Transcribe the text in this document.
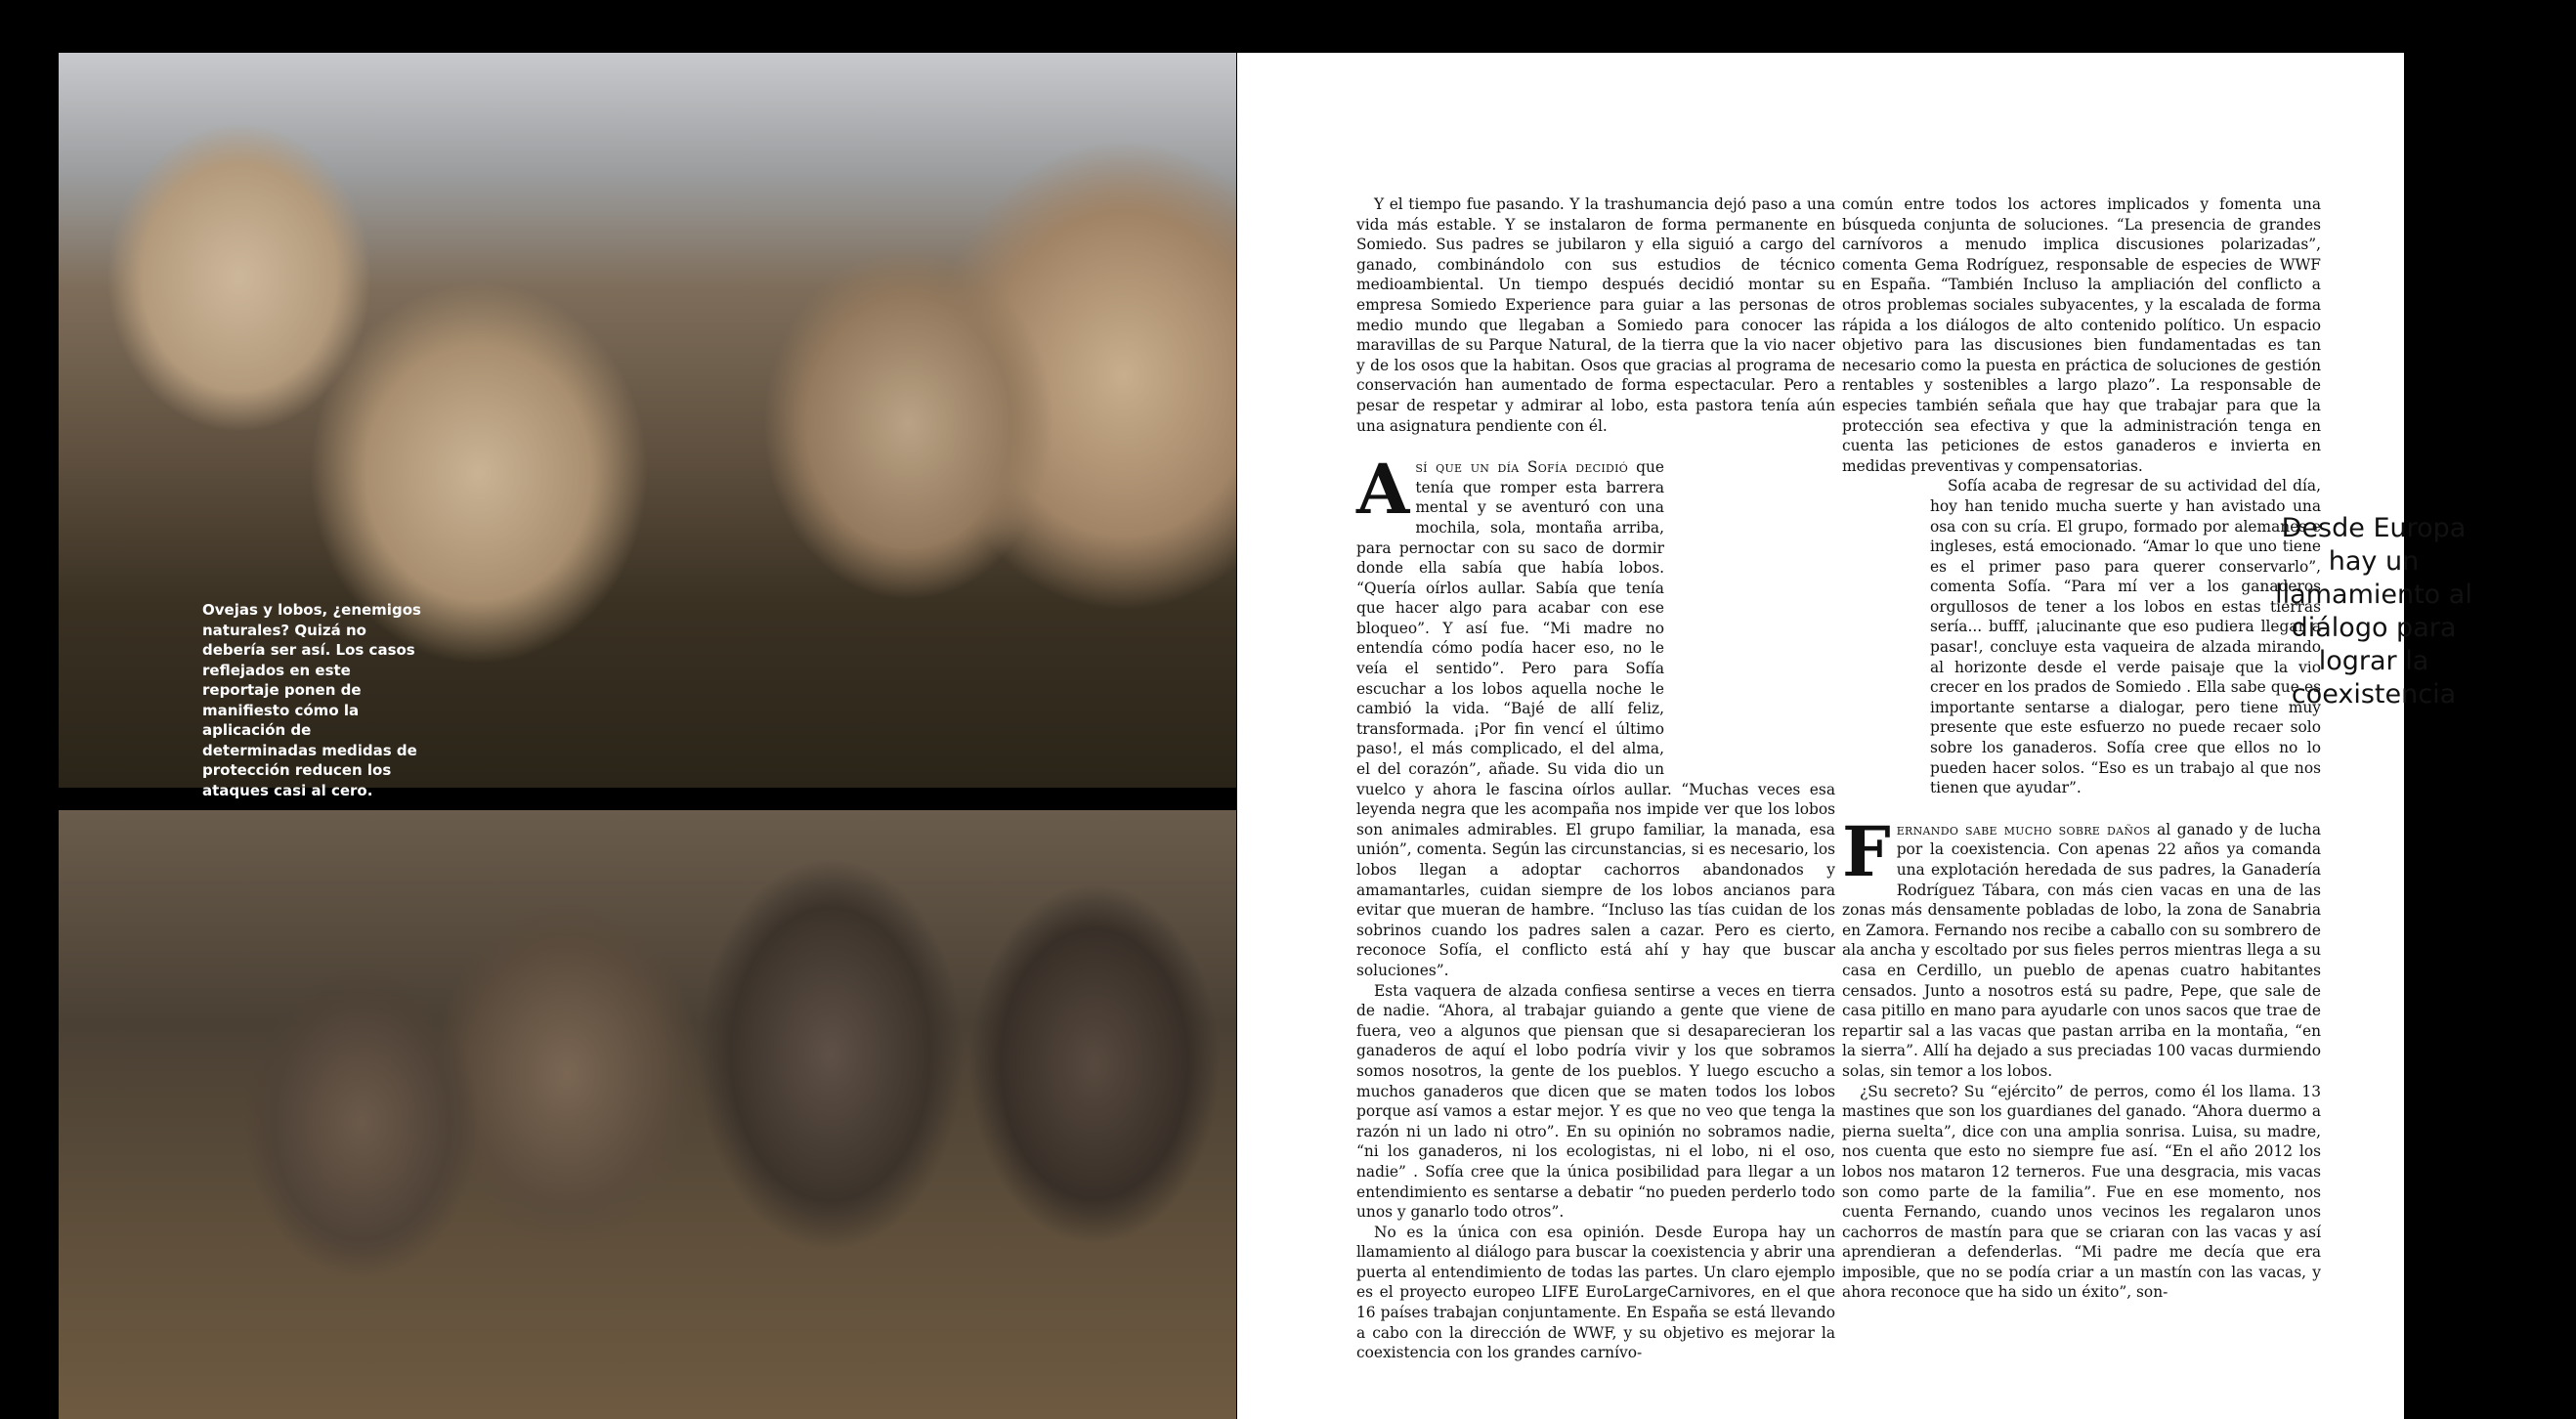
Ovejas y lobos, ¿enemigos naturales? Quizá no debería ser así. Los casos reflejados en este reportaje ponen de manifiesto cómo la aplicación de determinadas medidas de protección reducen los ataques casi al cero.

Y el tiempo fue pasando. Y la trashumancia dejó paso a una vida más estable. Y se instalaron de forma permanente en Somiedo. Sus padres se jubilaron y ella siguió a cargo del ganado, combinándolo con sus estudios de técnico medioambiental. Un tiempo después decidió montar su empresa Somiedo Experience para guiar a las personas de medio mundo que llegaban a Somiedo para conocer las maravillas de su Parque Natural, de la tierra que la vio nacer y de los osos que la habitan. Osos que gracias al programa de conservación han aumentado de forma espectacular. Pero a pesar de respetar y admirar al lobo, esta pastora tenía aún una asignatura pendiente con él.

Así que un día Sofía decidió que tenía que romper esta barrera mental y se aventuró con una mochila, sola, montaña arriba, para pernoctar con su saco de dormir donde ella sabía que había lobos. “Quería oírlos aullar. Sabía que tenía que hacer algo para acabar con ese bloqueo”. Y así fue. “Mi madre no entendía cómo podía hacer eso, no le veía el sentido”. Pero para Sofía escuchar a los lobos aquella noche le cambió la vida. “Bajé de allí feliz, transformada. ¡Por fin vencí el último paso!, el más complicado, el del alma, el del corazón”, añade. Su vida dio un vuelco y ahora le fascina oírlos aullar. “Muchas veces esa leyenda negra que les acompaña nos impide ver que los lobos son animales admirables. El grupo familiar, la manada, esa unión”, comenta. Según las circunstancias, si es necesario, los lobos llegan a adoptar cachorros abandonados y amamantarles, cuidan siempre de los lobos ancianos para evitar que mueran de hambre. “Incluso las tías cuidan de los sobrinos cuando los padres salen a cazar. Pero es cierto, reconoce Sofía, el conflicto está ahí y hay que buscar soluciones”.

Esta vaquera de alzada confiesa sentirse a veces en tierra de nadie. “Ahora, al trabajar guiando a gente que viene de fuera, veo a algunos que piensan que si desaparecieran los ganaderos de aquí el lobo podría vivir y los que sobramos somos nosotros, la gente de los pueblos. Y luego escucho a muchos ganaderos que dicen que se maten todos los lobos porque así vamos a estar mejor. Y es que no veo que tenga la razón ni un lado ni otro”. En su opinión no sobramos nadie, “ni los ganaderos, ni los ecologistas, ni el lobo, ni el oso, nadie” . Sofía cree que la única posibilidad para llegar a un entendimiento es sentarse a debatir “no pueden perderlo todo unos y ganarlo todo otros”.

No es la única con esa opinión. Desde Europa hay un llamamiento al diálogo para buscar la coexistencia y abrir una puerta al entendimiento de todas las partes. Un claro ejemplo es el proyecto europeo LIFE EuroLargeCarnivores, en el que 16 países trabajan conjuntamente. En España se está llevando a cabo con la dirección de WWF, y su objetivo es mejorar la coexistencia con los grandes carnívo-

común entre todos los actores implicados y fomenta una búsqueda conjunta de soluciones. “La presencia de grandes carnívoros a menudo implica discusiones polarizadas”, comenta Gema Rodríguez, responsable de especies de WWF en España. “También Incluso la ampliación del conflicto a otros problemas sociales subyacentes, y la escalada de forma rápida a los diálogos de alto contenido político. Un espacio objetivo para las discusiones bien fundamentadas es tan necesario como la puesta en práctica de soluciones de gestión rentables y sostenibles a largo plazo”. La responsable de especies también señala que hay que trabajar para que la protección sea efectiva y que la administración tenga en cuenta las peticiones de estos ganaderos e invierta en medidas preventivas y compensatorias.

Sofía acaba de regresar de su actividad del día, hoy han tenido mucha suerte y han avistado una osa con su cría. El grupo, formado por alemanes e ingleses, está emocionado. “Amar lo que uno tiene es el primer paso para querer conservarlo”, comenta Sofía. “Para mí ver a los ganaderos orgullosos de tener a los lobos en estas tierras sería... bufff, ¡alucinante que eso pudiera llegar a pasar!, concluye esta vaqueira de alzada mirando al horizonte desde el verde paisaje que la vio crecer en los prados de Somiedo . Ella sabe que es importante sentarse a dialogar, pero tiene muy presente que este esfuerzo no puede recaer solo sobre los ganaderos. Sofía cree que ellos no lo pueden hacer solos. “Eso es un trabajo al que nos tienen que ayudar”.

Fernando sabe mucho sobre daños al ganado y de lucha por la coexistencia. Con apenas 22 años ya comanda una explotación heredada de sus padres, la Ganadería Rodríguez Tábara, con más cien vacas en una de las zonas más densamente pobladas de lobo, la zona de Sanabria en Zamora. Fernando nos recibe a caballo con su sombrero de ala ancha y escoltado por sus fieles perros mientras llega a su casa en Cerdillo, un pueblo de apenas cuatro habitantes censados. Junto a nosotros está su padre, Pepe, que sale de casa pitillo en mano para ayudarle con unos sacos que trae de repartir sal a las vacas que pastan arriba en la montaña, “en la sierra”. Allí ha dejado a sus preciadas 100 vacas durmiendo solas, sin temor a los lobos.

¿Su secreto? Su “ejército” de perros, como él los llama. 13 mastines que son los guardianes del ganado. “Ahora duermo a pierna suelta”, dice con una amplia sonrisa. Luisa, su madre, nos cuenta que esto no siempre fue así. “En el año 2012 los lobos nos mataron 12 terneros. Fue una desgracia, mis vacas son como parte de la familia”. Fue en ese momento, nos cuenta Fernando, cuando unos vecinos les regalaron unos cachorros de mastín para que se criaran con las vacas y así aprendieran a defenderlas. “Mi padre me decía que era imposible, que no se podía criar a un mastín con las vacas, y ahora reconoce que ha sido un éxito”, son-

Desde Europa hay un llamamiento al diálogo para lograr la coexistencia
